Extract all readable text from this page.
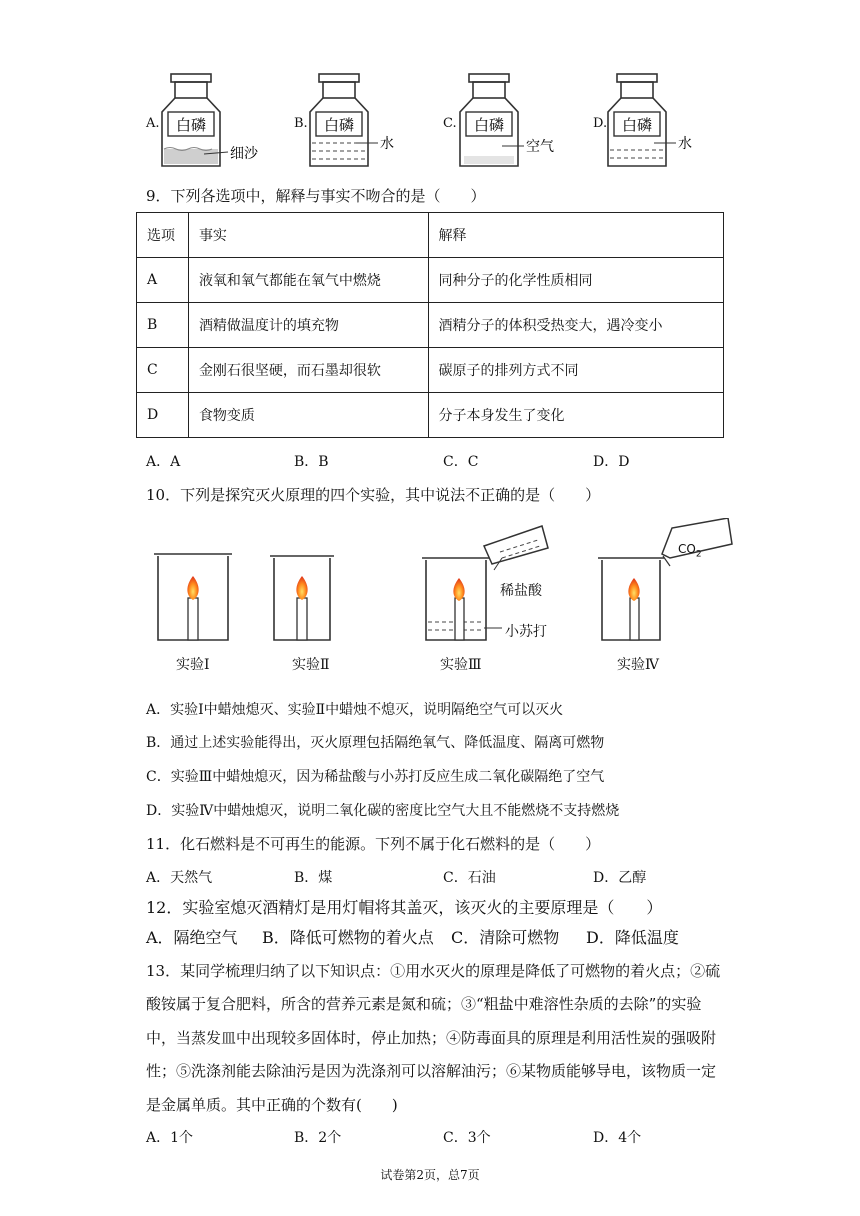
A.	B.	C.	D.
白磷
细沙
白磷
水
白磷
空气
白磷
水
9．下列各选项中，解释与事实不吻合的是（　　）
选项	事实	解释
A	液氧和氧气都能在氧气中燃烧	同种分子的化学性质相同
B	酒精做温度计的填充物	酒精分子的体积受热变大，遇冷变小
C	金刚石很坚硬，而石墨却很软	碳原子的排列方式不同
D	食物变质	分子本身发生了变化
A．A	B．B	C．C	D．D
10．下列是探究灭火原理的四个实验，其中说法不正确的是（　　）
稀盐酸
小苏打
$CO_2$
实验Ⅰ	实验Ⅱ	实验Ⅲ	实验Ⅳ
A．实验Ⅰ中蜡烛熄灭、实验Ⅱ中蜡烛不熄灭，说明隔绝空气可以灭火
B．通过上述实验能得出，灭火原理包括隔绝氧气、降低温度、隔离可燃物
C．实验Ⅲ中蜡烛熄灭，因为稀盐酸与小苏打反应生成二氧化碳隔绝了空气
D．实验Ⅳ中蜡烛熄灭，说明二氧化碳的密度比空气大且不能燃烧不支持燃烧
11．化石燃料是不可再生的能源。下列不属于化石燃料的是（　　）
A．天然气	B．煤	C．石油	D．乙醇
12．实验室熄灭酒精灯是用灯帽将其盖灭，该灭火的主要原理是（　　）
A．隔绝空气 B．降低可燃物的着火点 C．清除可燃物 D．降低温度
13．某同学梳理归纳了以下知识点：①用水灭火的原理是降低了可燃物的着火点；②硫
酸铵属于复合肥料，所含的营养元素是氮和硫；③“粗盐中难溶性杂质的去除”的实验
中，当蒸发皿中出现较多固体时，停止加热；④防毒面具的原理是利用活性炭的强吸附
性；⑤洗涤剂能去除油污是因为洗涤剂可以溶解油污；⑥某物质能够导电，该物质一定
是金属单质。其中正确的个数有(　　)
A．1个	B．2个	C．3个	D．4个
试卷第2页，总7页
